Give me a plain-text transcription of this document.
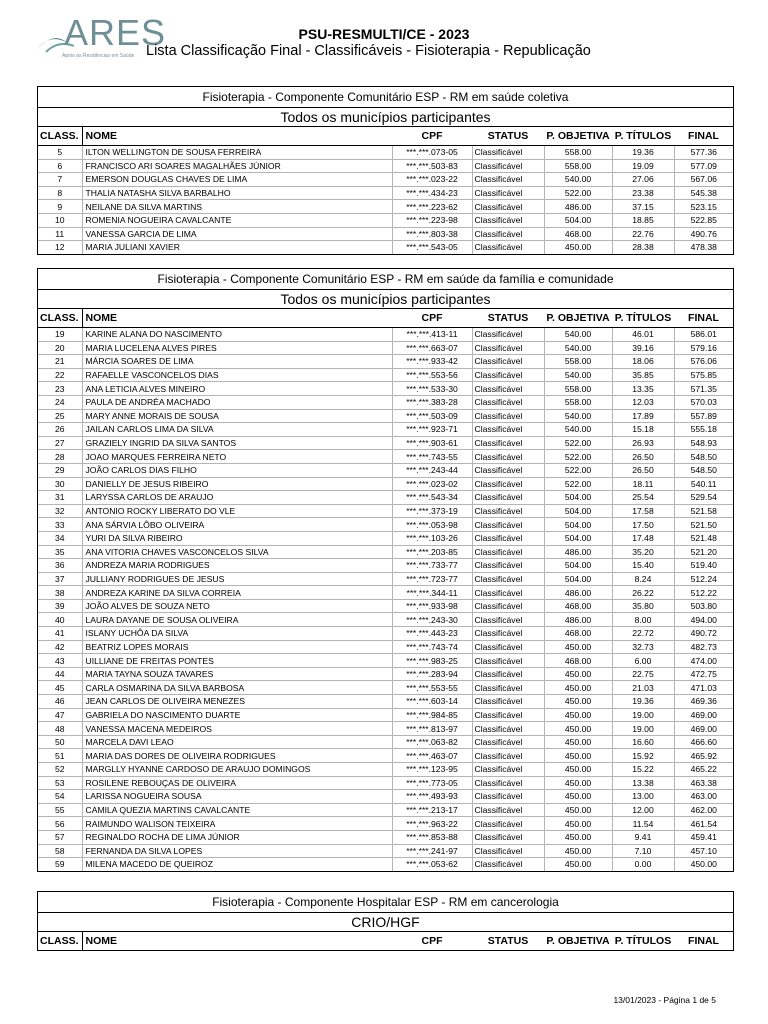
ARES
Apoio às Residências em Saúde
PSU-RESMULTI/CE - 2023
Lista Classificação Final - Classificáveis - Fisioterapia - Republicação
Fisioterapia - Componente Comunitário ESP - RM em saúde coletiva
Todos os municípios participantes
CLASS.	NOME	CPF	STATUS	P. OBJETIVA	P. TÍTULOS	FINAL
5	ILTON WELLINGTON DE SOUSA FERREIRA	***.***.073-05	Classificável	558.00	19.36	577.36
6	FRANCISCO ARI SOARES MAGALHÃES JÚNIOR	***.***.503-83	Classificável	558.00	19.09	577.09
7	EMERSON DOUGLAS CHAVES DE LIMA	***.***.023-22	Classificável	540.00	27.06	567.06
8	THALIA NATASHA SILVA BARBALHO	***.***.434-23	Classificável	522.00	23.38	545.38
9	NEILANE DA SILVA MARTINS	***.***.223-62	Classificável	486.00	37.15	523.15
10	ROMENIA NOGUEIRA CAVALCANTE	***.***.223-98	Classificável	504.00	18.85	522.85
11	VANESSA GARCIA DE LIMA	***.***.803-38	Classificável	468.00	22.76	490.76
12	MARIA JULIANI XAVIER	***.***.543-05	Classificável	450.00	28.38	478.38
Fisioterapia - Componente Comunitário ESP - RM em saúde da família e comunidade
Todos os municípios participantes
CLASS.	NOME	CPF	STATUS	P. OBJETIVA	P. TÍTULOS	FINAL
19	KARINE ALANA DO NASCIMENTO	***.***.413-11	Classificável	540.00	46.01	586.01
20	MARIA LUCELENA ALVES PIRES	***.***.663-07	Classificável	540.00	39.16	579.16
21	MÁRCIA SOARES DE LIMA	***.***.933-42	Classificável	558.00	18.06	576.06
22	RAFAELLE VASCONCELOS DIAS	***.***.553-56	Classificável	540.00	35.85	575.85
23	ANA LETICIA ALVES MINEIRO	***.***.533-30	Classificável	558.00	13.35	571.35
24	PAULA DE ANDRÉA MACHADO	***.***.383-28	Classificável	558.00	12.03	570.03
25	MARY ANNE MORAIS DE SOUSA	***.***.503-09	Classificável	540.00	17.89	557.89
26	JAILAN CARLOS LIMA DA SILVA	***.***.923-71	Classificável	540.00	15.18	555.18
27	GRAZIELY INGRID DA SILVA SANTOS	***.***.903-61	Classificável	522.00	26.93	548.93
28	JOAO MARQUES FERREIRA NETO	***.***.743-55	Classificável	522.00	26.50	548.50
29	JOÃO CARLOS DIAS FILHO	***.***.243-44	Classificável	522.00	26.50	548.50
30	DANIELLY DE JESUS RIBEIRO	***.***.023-02	Classificável	522.00	18.11	540.11
31	LARYSSA CARLOS DE ARAUJO	***.***.543-34	Classificável	504.00	25.54	529.54
32	ANTONIO ROCKY LIBERATO DO VLE	***.***.373-19	Classificável	504.00	17.58	521.58
33	ANA SÁRVIA LÔBO OLIVEIRA	***.***.053-98	Classificável	504.00	17.50	521.50
34	YURI DA SILVA RIBEIRO	***.***.103-26	Classificável	504.00	17.48	521.48
35	ANA VITORIA CHAVES VASCONCELOS SILVA	***.***.203-85	Classificável	486.00	35.20	521.20
36	ANDREZA MARIA RODRIGUES	***.***.733-77	Classificável	504.00	15.40	519.40
37	JULLIANY RODRIGUES DE JESUS	***.***.723-77	Classificável	504.00	8.24	512.24
38	ANDREZA KARINE DA SILVA CORREIA	***.***.344-11	Classificável	486.00	26.22	512.22
39	JOÃO ALVES DE SOUZA NETO	***.***.933-98	Classificável	468.00	35.80	503.80
40	LAURA DAYANE DE SOUSA OLIVEIRA	***.***.243-30	Classificável	486.00	8.00	494.00
41	ISLANY UCHÔA DA SILVA	***.***.443-23	Classificável	468.00	22.72	490.72
42	BEATRIZ LOPES MORAIS	***.***.743-74	Classificável	450.00	32.73	482.73
43	UILLIANE DE FREITAS PONTES	***.***.983-25	Classificável	468.00	6.00	474.00
44	MARIA TAYNA SOUZA TAVARES	***.***.283-94	Classificável	450.00	22.75	472.75
45	CARLA OSMARINA DA SILVA BARBOSA	***.***.553-55	Classificável	450.00	21.03	471.03
46	JEAN CARLOS DE OLIVEIRA MENEZES	***.***.603-14	Classificável	450.00	19.36	469.36
47	GABRIELA DO NASCIMENTO DUARTE	***.***.984-85	Classificável	450.00	19.00	469.00
48	VANESSA MACENA MEDEIROS	***.***.813-97	Classificável	450.00	19.00	469.00
50	MARCELA DAVI LEAO	***.***.063-82	Classificável	450.00	16.60	466.60
51	MARIA DAS DORES DE OLIVEIRA RODRIGUES	***.***.463-07	Classificável	450.00	15.92	465.92
52	MARGLLY HYANNE CARDOSO DE ARAUJO DOMINGOS	***.***.123-95	Classificável	450.00	15.22	465.22
53	ROSILENE REBOUÇAS DE OLIVEIRA	***.***.773-05	Classificável	450.00	13.38	463.38
54	LARISSA NOGUEIRA SOUSA	***.***.493-93	Classificável	450.00	13.00	463.00
55	CAMILA QUEZIA MARTINS CAVALCANTE	***.***.213-17	Classificável	450.00	12.00	462.00
56	RAIMUNDO WALISON TEIXEIRA	***.***.963-22	Classificável	450.00	11.54	461.54
57	REGINALDO ROCHA DE LIMA JÚNIOR	***.***.853-88	Classificável	450.00	9.41	459.41
58	FERNANDA DA SILVA LOPES	***.***.241-97	Classificável	450.00	7.10	457.10
59	MILENA MACEDO DE QUEIROZ	***.***.053-62	Classificável	450.00	0.00	450.00
Fisioterapia - Componente Hospitalar ESP - RM em cancerologia
CRIO/HGF
CLASS.	NOME	CPF	STATUS	P. OBJETIVA	P. TÍTULOS	FINAL
13/01/2023 - Página 1 de 5
